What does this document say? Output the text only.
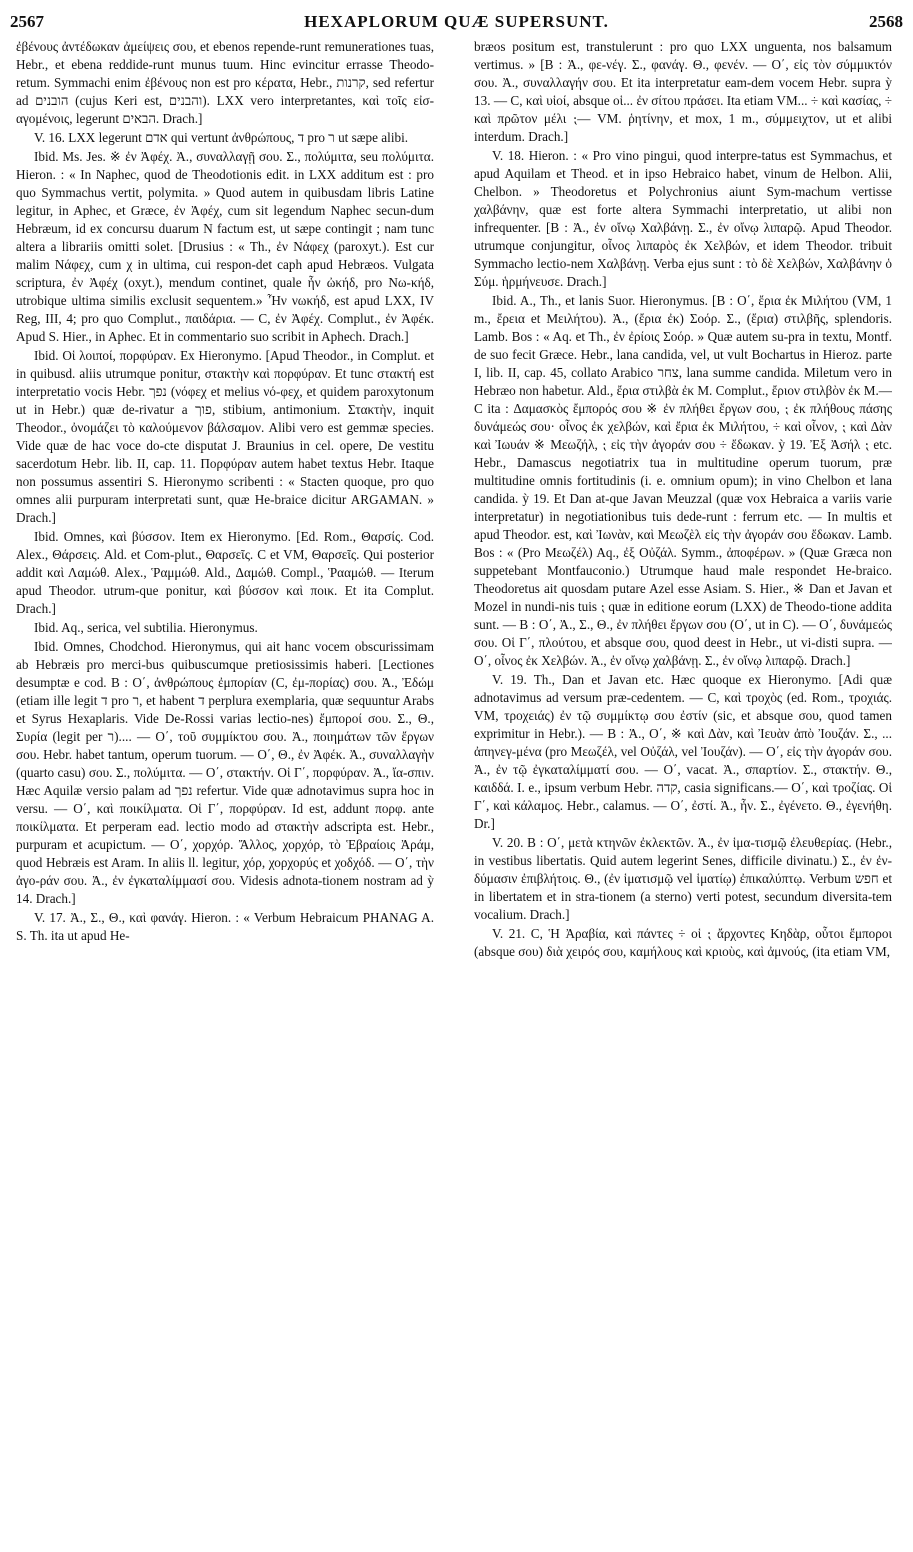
2567	HEXAPLORUM QUÆ SUPERSUNT.	2568

ἐβένους ἀντέδωκαν ἀμείψεις σου, et ebenos repende-runt remunerationes tuas, Hebr., et ebena reddide-runt munus tuum. Hinc evincitur errasse Theodo-retum. Symmachi enim ἐβένους non est pro κέρατα, Hebr., קרנות, sed refertur ad הובנים (cujus Keri est, והבנים). LXX vero interpretantes, καὶ τοῖς εἰσ-αγομένοις, legerunt הבאים. Drach.]

V. 16. LXX legerunt אדם qui vertunt ἀνθρώπους, ד pro ר ut sæpe alibi.

Ibid. Ms. Jes. ※ ἐν Ἀφέχ. Ἀ., συναλλαγῇ σου. Σ., πολύμιτα, seu πολύμιτα. Hieron. : « In Naphec, quod de Theodotionis edit. in LXX additum est : pro quo Symmachus vertit, polymita. » Quod autem in quibusdam libris Latine legitur, in Aphec, et Græce, ἐν Ἀφέχ, cum sit legendum Naphec secun-dum Hebræum, id ex concursu duarum N factum est, ut sæpe contingit ; nam tunc altera a librariis omitti solet. [Drusius : « Th., ἐν Νάφεχ (paroxyt.). Est cur malim Νάφεχ, cum χ in ultima, cui respon-det caph apud Hebræos. Vulgata scriptura, ἐν Ἀφέχ (oxyt.), mendum continet, quale ἦν ὠκήδ, pro Νω-κήδ, utrobique ultima similis exclusit sequentem.» Ἦν νωκήδ, est apud LXX, IV Reg, III, 4; pro quo Complut., παιδάρια. — C, ἐν Ἀφέχ. Complut., ἐν Ἀφέκ. Apud S. Hier., in Aphec. Et in commentario suo scribit in Aphech. Drach.]

Ibid. Οἱ λοιποί, πορφύραν. Ex Hieronymo. [Apud Theodor., in Complut. et in quibusd. aliis utrumque ponitur, στακτὴν καὶ πορφύραν. Et tunc στακτή est interpretatio vocis Hebr. נפך (νόφεχ et melius νό-φεχ, et quidem paroxytonum ut in Hebr.) quæ de-rivatur a פוך, stibium, antimonium. Στακτὴν, inquit Theodor., ὀνομάζει τὸ καλούμενον βάλσαμον. Alibi vero est gemmæ species. Vide quæ de hac voce do-cte disputat J. Braunius in cel. opere, De vestitu sacerdotum Hebr. lib. II, cap. 11. Πορφύραν autem habet textus Hebr. Itaque non possumus assentiri S. Hieronymo scribenti : « Stacten quoque, pro quo omnes alii purpuram interpretati sunt, quæ He-braice dicitur ARGAMAN. » Drach.]

Ibid. Omnes, καὶ βύσσον. Item ex Hieronymo. [Ed. Rom., Θαρσίς. Cod. Alex., Θάρσεις. Ald. et Com-plut., Θαρσεῖς. C et VM, Θαρσεῖς. Qui posterior addit καὶ Λαμώθ. Alex., Ῥαμμώθ. Ald., Δαμώθ. Compl., Ῥααμώθ. — Iterum apud Theodor. utrum-que ponitur, καὶ βύσσον καὶ ποικ. Et ita Complut. Drach.]

Ibid. Aq., serica, vel subtilia. Hieronymus.

Ibid. Omnes, Chodchod. Hieronymus, qui ait hanc vocem obscurissimam ab Hebræis pro merci-bus quibuscumque pretiosissimis haberi. [Lectiones desumptæ e cod. B : Ο΄, ἀνθρώπους ἐμπορίαν (C, ἐμ-πορίας) σου. Ἀ., Ἐδώμ (etiam ille legit ד pro ר, et habent ד perplura exemplaria, quæ sequuntur Arabs et Syrus Hexaplaris. Vide De-Rossi varias lectio-nes) ἔμποροί σου. Σ., Θ., Συρία (legit per ר).... — Ο΄, τοῦ συμμίκτου σου. Ἀ., ποιημάτων τῶν ἔργων σου. Hebr. habet tantum, operum tuorum. — Ο΄, Θ., ἐν Ἀφέκ. Ἀ., συναλλαγὴν (quarto casu) σου. Σ., πολύμιτα. — Ο΄, στακτήν. Οἱ Γ΄, πορφύραν. Ἀ., ἴα-σπιν. Hæc Aquilæ versio palam ad נפך refertur. Vide quæ adnotavimus supra hoc in versu. — Ο΄, καὶ ποικίλματα. Οἱ Γ΄, πορφύραν. Id est, addunt πορφ. ante ποικίλματα. Et perperam ead. lectio modo ad στακτὴν adscripta est. Hebr., purpuram et acupictum. — Ο΄, χορχόρ. Ἄλλος, χορχόρ, τὸ Ἑβραίοις Ἀράμ, quod Hebræis est Aram. In aliis ll. legitur, χόρ, χορχορύς et χοδχόδ. — Ο΄, τὴν ἀγο-ράν σου. Ἀ., ἐν ἐγκαταλίμμασί σου. Videsis adnota-tionem nostram ad ỳ 14. Drach.]

V. 17. Ἀ., Σ., Θ., καὶ φανάγ. Hieron. : « Verbum Hebraicum PHANAG A. S. Th. ita ut apud He-

bræos positum est, transtulerunt : pro quo LXX unguenta, nos balsamum vertimus. » [B : Ἀ., φε-νέγ. Σ., φανάγ. Θ., φενέν. — Ο΄, εἰς τὸν σύμμικτόν σου. Ἀ., συναλλαγήν σου. Et ita interpretatur eam-dem vocem Hebr. supra ỳ 13. — C, καὶ υἱοί, absque οἱ... ἐν σίτου πράσει. Ita etiam VM... ÷ καὶ κασίας, ÷ καὶ πρῶτον μέλι ⁏— VM. ῥητίνην, et mox, 1 m., σύμμειχτον, ut et alibi interdum. Drach.]

V. 18. Hieron. : « Pro vino pingui, quod interpre-tatus est Symmachus, et apud Aquilam et Theod. et in ipso Hebraico habet, vinum de Helbon. Alii, Chelbon. » Theodoretus et Polychronius aiunt Sym-machum vertisse χαλβάνην, quæ est forte altera Symmachi interpretatio, ut alibi non infrequenter. [B : Ἀ., ἐν οἴνῳ Χαλβάνῃ. Σ., ἐν οἴνῳ λιπαρῷ. Apud Theodor. utrumque conjungitur, οἶνος λιπαρὸς ἐκ Χελβών, et idem Theodor. tribuit Symmacho lectio-nem Χαλβάνῃ. Verba ejus sunt : τὸ δὲ Χελβών, Χαλβάνην ὁ Σύμ. ἡρμήνευσε. Drach.]

Ibid. A., Th., et lanis Suor. Hieronymus. [B : Ο΄, ἔρια ἐκ Μιλήτου (VM, 1 m., ἔρεια et Μειλήτου). Ἀ., (ἔρια ἐκ) Σοόρ. Σ., (ἔρια) στιλβῆς, splendoris. Lamb. Bos : « Aq. et Th., ἐν ἐρίοις Σοόρ. » Quæ autem su-pra in textu, Montf. de suo fecit Græce. Hebr., lana candida, vel, ut vult Bochartus in Hieroz. parte I, lib. II, cap. 45, collato Arabico צחר, lana summe candida. Miletum vero in Hebræo non habetur. Ald., ἔρια στιλβὰ ἐκ Μ. Complut., ἔριον στιλβὸν ἐκ Μ.— C ita : Δαμασκὸς ἔμπορός σου ※ ἐν πλήθει ἔργων σου, ⁏ ἐκ πλήθους πάσης δυνάμεώς σου· οἶνος ἐκ χελβών, καὶ ἔρια ἐκ Μιλήτου, ÷ καὶ οἶνον, ⁏ καὶ Δὰν καὶ Ἰωυάν ※ Μεωζήλ, ⁏ εἰς τὴν ἀγοράν σου ÷ ἔδωκαν. ỳ 19. Ἐξ Ἀσήλ ⁏ etc. Hebr., Damascus negotiatrix tua in multitudine operum tuorum, præ multitudine omnis fortitudinis (i. e. omnium opum); in vino Chelbon et lana candida. ỳ 19. Et Dan at-que Javan Meuzzal (quæ vox Hebraica a variis varie interpretatur) in negotiationibus tuis dede-runt : ferrum etc. — In multis et apud Theodor. est, καὶ Ἰωνὰν, καὶ Μεωζὲλ εἰς τὴν ἀγοράν σου ἔδωκαν. Lamb. Bos : « (Pro Μεωζέλ) Aq., ἐξ Οὐζάλ. Symm., ἀποφέρων. » (Quæ Græca non suppetebant Montfauconio.) Utrumque haud male respondet He-braico. Theodoretus ait quosdam putare Azel esse Asiam. S. Hier., ※ Dan et Javan et Mozel in nundi-nis tuis ⁏ quæ in editione eorum (LXX) de Theodo-tione addita sunt. — B : Ο΄, Ἀ., Σ., Θ., ἐν πλήθει ἔργων σου (Ο΄, ut in C). — Ο΄, δυνάμεώς σου. Οἱ Γ΄, πλούτου, et absque σου, quod deest in Hebr., ut vi-disti supra. — Ο΄, οἶνος ἐκ Χελβών. Ἀ., ἐν οἴνῳ χαλβάνῃ. Σ., ἐν οἴνῳ λιπαρῷ. Drach.]

V. 19. Th., Dan et Javan etc. Hæc quoque ex Hieronymo. [Adi quæ adnotavimus ad versum præ-cedentem. — C, καὶ τροχὸς (ed. Rom., τροχιάς. VM, τροχειάς) ἐν τῷ συμμίκτῳ σου ἐστίν (sic, et absque σου, quod tamen exprimitur in Hebr.). — B : Ἀ., Ο΄, ※ καὶ Δὰν, καὶ Ἰευὰν ἀπὸ Ἰουζάν. Σ., ... ἀπηνεγ-μένα (pro Μεωζέλ, vel Οὐζάλ, vel Ἰουζάν). — Ο΄, εἰς τὴν ἀγοράν σου. Ἀ., ἐν τῷ ἐγκαταλίμματί σου. — Ο΄, vacat. Ἀ., σπαρτίον. Σ., στακτήν. Θ., καιδδά. I. e., ipsum verbum Hebr. קדה, casia significans.— Ο΄, καὶ τροζίας. Οἱ Γ΄, καὶ κάλαμος. Hebr., calamus. — Ο΄, ἐστί. Ἀ., ἦν. Σ., ἐγένετο. Θ., ἐγενήθη. Dr.]

V. 20. B : Ο΄, μετὰ κτηνῶν ἐκλεκτῶν. Ἀ., ἐν ἱμα-τισμῷ ἐλευθερίας. (Hebr., in vestibus libertatis. Quid autem legerint Senes, difficile divinatu.) Σ., ἐν ἐν-δύμασιν ἐπιβλήτοις. Θ., (ἐν ἱματισμῷ vel ἱματίῳ) ἐπικαλύπτῳ. Verbum חפש et in libertatem et in stra-tionem (a sterno) verti potest, secundum diversita-tem vocalium. Drach.]

V. 21. C, Ἡ Ἀραβία, καὶ πάντες ÷ οἱ ⁏ ἄρχοντες Κηδὰρ, οὗτοι ἔμποροι (absque σου) διὰ χειρός σου, καμήλους καὶ κριοὺς, καὶ ἀμνούς, (ita etiam VM,
